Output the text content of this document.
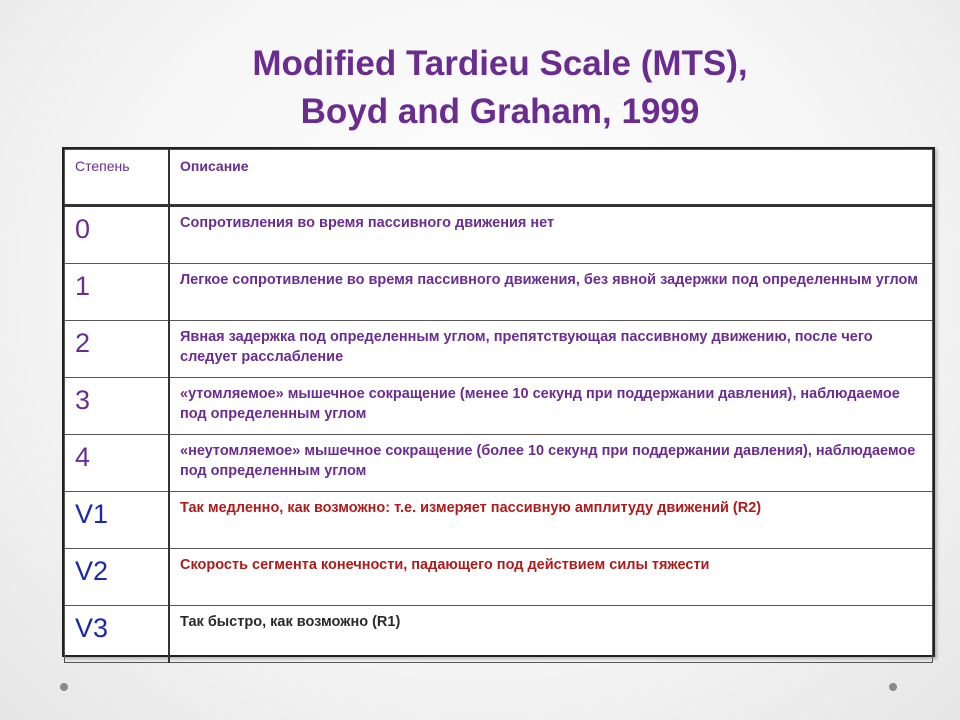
Modified Tardieu Scale (MTS),
Boyd and Graham, 1999
Степень	Описание

0	Сопротивления во время пассивного движения нет

1	Легкое сопротивление во время пассивного движения, без явной задержки под определенным углом

2	Явная задержка под определенным углом, препятствующая пассивному движению, после чего следует расслабление

3	«утомляемое» мышечное сокращение (менее 10 секунд при поддержании давления), наблюдаемое под определенным углом

4	«неутомляемое» мышечное сокращение (более 10 секунд при поддержании давления), наблюдаемое под определенным углом

V1	Так медленно, как возможно: т.е. измеряет пассивную амплитуду движений (R2)

V2	Скорость сегмента конечности, падающего под действием силы тяжести

V3	Так быстро, как возможно (R1)
